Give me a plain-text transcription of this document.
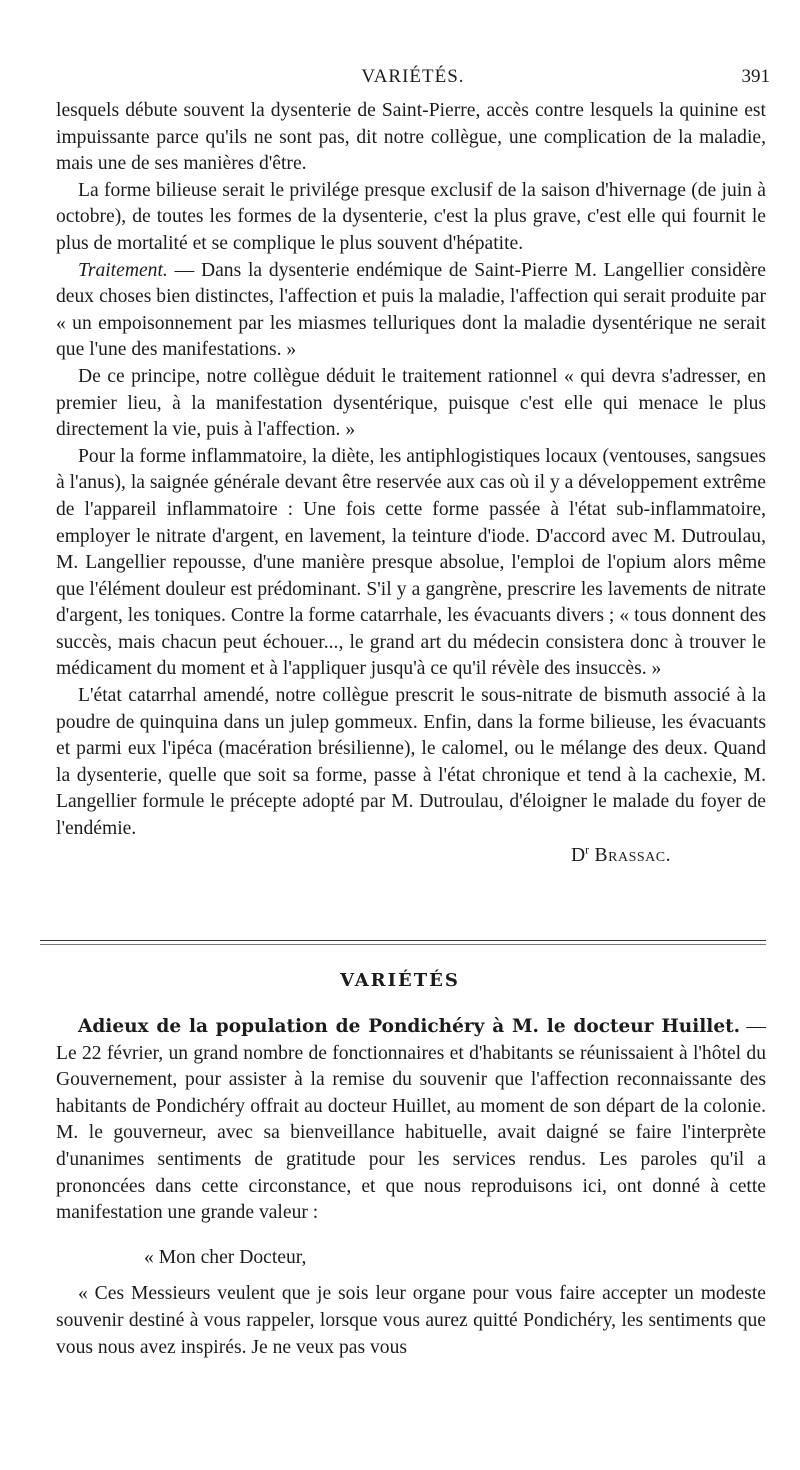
VARIÉTÉS.	391

lesquels débute souvent la dysenterie de Saint-Pierre, accès contre lesquels la quinine est impuissante parce qu'ils ne sont pas, dit notre collègue, une complication de la maladie, mais une de ses manières d'être.

La forme bilieuse serait le privilége presque exclusif de la saison d'hivernage (de juin à octobre), de toutes les formes de la dysenterie, c'est la plus grave, c'est elle qui fournit le plus de mortalité et se complique le plus souvent d'hépatite.

Traitement. — Dans la dysenterie endémique de Saint-Pierre M. Langellier considère deux choses bien distinctes, l'affection et puis la maladie, l'affection qui serait produite par « un empoisonnement par les miasmes telluriques dont la maladie dysentérique ne serait que l'une des manifestations. »

De ce principe, notre collègue déduit le traitement rationnel « qui devra s'adresser, en premier lieu, à la manifestation dysentérique, puisque c'est elle qui menace le plus directement la vie, puis à l'affection. »

Pour la forme inflammatoire, la diète, les antiphlogistiques locaux (ventouses, sangsues à l'anus), la saignée générale devant être reservée aux cas où il y a développement extrême de l'appareil inflammatoire : Une fois cette forme passée à l'état sub-inflammatoire, employer le nitrate d'argent, en lavement, la teinture d'iode. D'accord avec M. Dutroulau, M. Langellier repousse, d'une manière presque absolue, l'emploi de l'opium alors même que l'élément douleur est prédominant. S'il y a gangrène, prescrire les lavements de nitrate d'argent, les toniques. Contre la forme catarrhale, les évacuants divers ; « tous donnent des succès, mais chacun peut échouer..., le grand art du médecin consistera donc à trouver le médicament du moment et à l'appliquer jusqu'à ce qu'il révèle des insuccès. »

L'état catarrhal amendé, notre collègue prescrit le sous-nitrate de bismuth associé à la poudre de quinquina dans un julep gommeux. Enfin, dans la forme bilieuse, les évacuants et parmi eux l'ipéca (macération brésilienne), le calomel, ou le mélange des deux. Quand la dysenterie, quelle que soit sa forme, passe à l'état chronique et tend à la cachexie, M. Langellier formule le précepte adopté par M. Dutroulau, d'éloigner le malade du foyer de l'endémie.

$D^r$ Brassac.

VARIÉTÉS

Adieux de la population de Pondichéry à M. le docteur Huillet. — Le 22 février, un grand nombre de fonctionnaires et d'habitants se réunissaient à l'hôtel du Gouvernement, pour assister à la remise du souvenir que l'affection reconnaissante des habitants de Pondichéry offrait au docteur Huillet, au moment de son départ de la colonie. M. le gouverneur, avec sa bienveillance habituelle, avait daigné se faire l'interprète d'unanimes sentiments de gratitude pour les services rendus. Les paroles qu'il a prononcées dans cette circonstance, et que nous reproduisons ici, ont donné à cette manifestation une grande valeur :

« Mon cher Docteur,

« Ces Messieurs veulent que je sois leur organe pour vous faire accepter un modeste souvenir destiné à vous rappeler, lorsque vous aurez quitté Pondichéry, les sentiments que vous nous avez inspirés. Je ne veux pas vous
